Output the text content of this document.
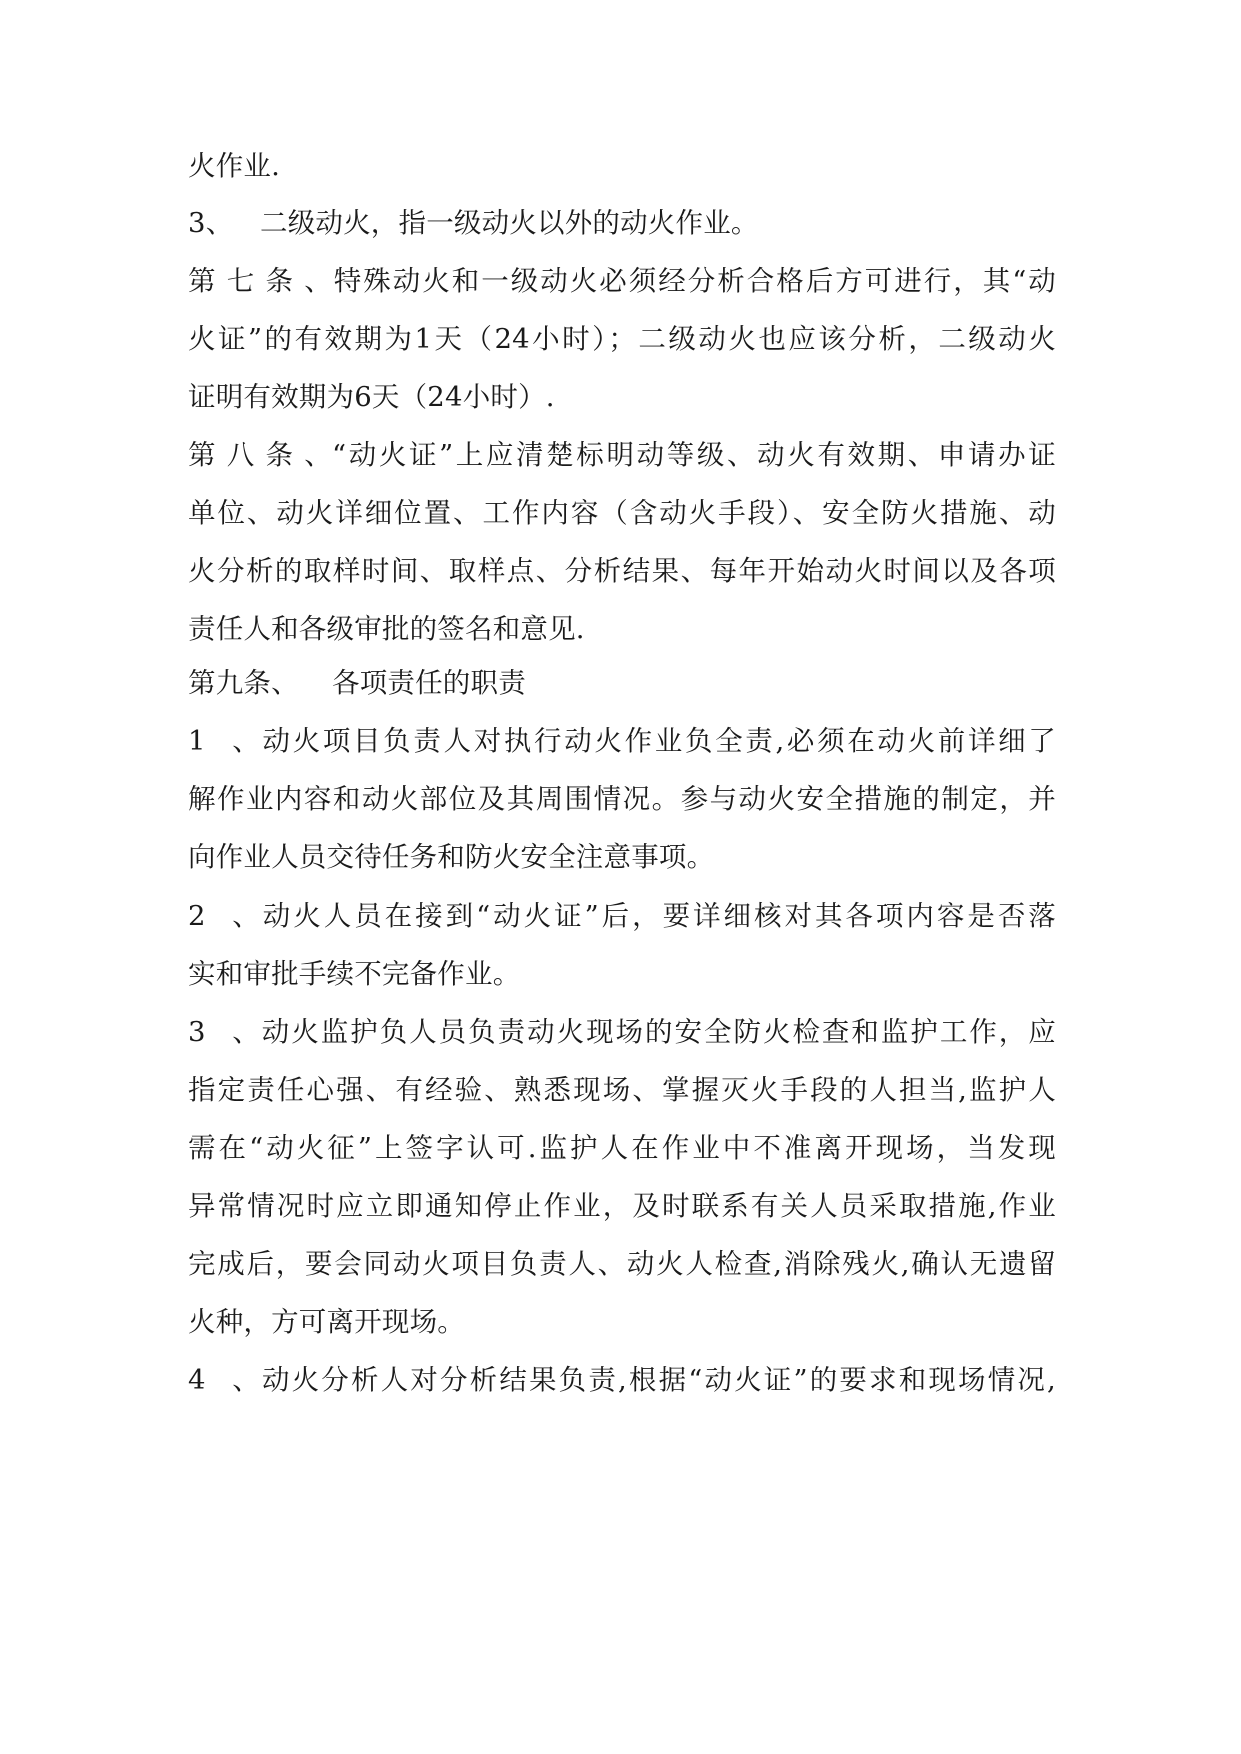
火作业.
3、 二级动火，指一级动火以外的动火作业。
第七条、特殊动火和一级动火必须经分析合格后方可进行，其“动
火证”的有效期为1天（24小时）；二级动火也应该分析，二级动火
证明有效期为6天（24小时）.
第八条、“动火证”上应清楚标明动等级、动火有效期、申请办证
单位、动火详细位置、工作内容（含动火手段）、安全防火措施、动
火分析的取样时间、取样点、分析结果、每年开始动火时间以及各项
责任人和各级审批的签名和意见.
第九条、 各项责任的职责
1、动火项目负责人对执行动火作业负全责,必须在动火前详细了
解作业内容和动火部位及其周围情况。参与动火安全措施的制定，并
向作业人员交待任务和防火安全注意事项。
2、动火人员在接到“动火证”后，要详细核对其各项内容是否落
实和审批手续不完备作业。
3、动火监护负人员负责动火现场的安全防火检查和监护工作，应
指定责任心强、有经验、熟悉现场、掌握灭火手段的人担当,监护人
需在“动火征”上签字认可.监护人在作业中不准离开现场，当发现
异常情况时应立即通知停止作业，及时联系有关人员采取措施,作业
完成后，要会同动火项目负责人、动火人检查,消除残火,确认无遗留
火种，方可离开现场。
4、动火分析人对分析结果负责,根据“动火证”的要求和现场情况,
